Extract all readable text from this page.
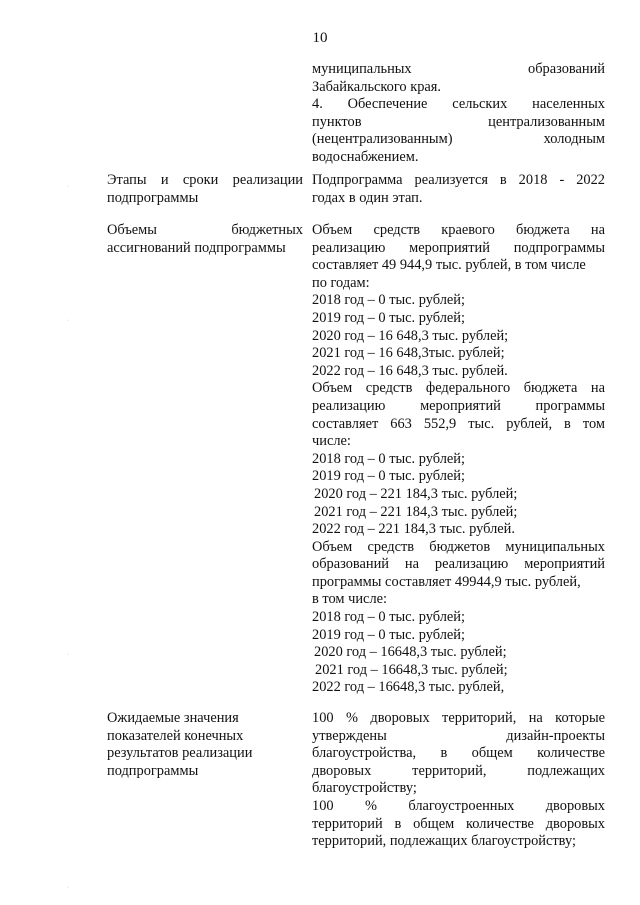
10
муниципальных образований
Забайкальского края.
4. Обеспечение сельских населенных
пунктов централизованным
(нецентрализованным) холодным
водоснабжением.
Этапы и сроки реализации
подпрограммы
Подпрограмма реализуется в 2018 - 2022
годах в один этап.
Объемы бюджетных
ассигнований подпрограммы
Объем средств краевого бюджета на
реализацию мероприятий подпрограммы
составляет 49 944,9 тыс. рублей, в том числе
по годам:
2018 год – 0 тыс. рублей;
2019 год – 0 тыс. рублей;
2020 год – 16 648,3 тыс. рублей;
2021 год – 16 648,3тыс. рублей;
2022 год – 16 648,3 тыс. рублей.
Объем средств федерального бюджета на
реализацию мероприятий программы
составляет 663 552,9 тыс. рублей, в том
числе:
2018 год – 0 тыс. рублей;
2019 год – 0 тыс. рублей;
2020 год – 221 184,3 тыс. рублей;
2021 год – 221 184,3 тыс. рублей;
2022 год – 221 184,3 тыс. рублей.
Объем средств бюджетов муниципальных
образований на реализацию мероприятий
программы составляет 49944,9 тыс. рублей,
в том числе:
2018 год – 0 тыс. рублей;
2019 год – 0 тыс. рублей;
2020 год – 16648,3 тыс. рублей;
2021 год – 16648,3 тыс. рублей;
2022 год – 16648,3 тыс. рублей,
Ожидаемые значения
показателей конечных
результатов реализации
подпрограммы
100 % дворовых территорий, на которые
утверждены дизайн-проекты
благоустройства, в общем количестве
дворовых территорий, подлежащих
благоустройству;
100 % благоустроенных дворовых
территорий в общем количестве дворовых
территорий, подлежащих благоустройству;
·
·
·
·
